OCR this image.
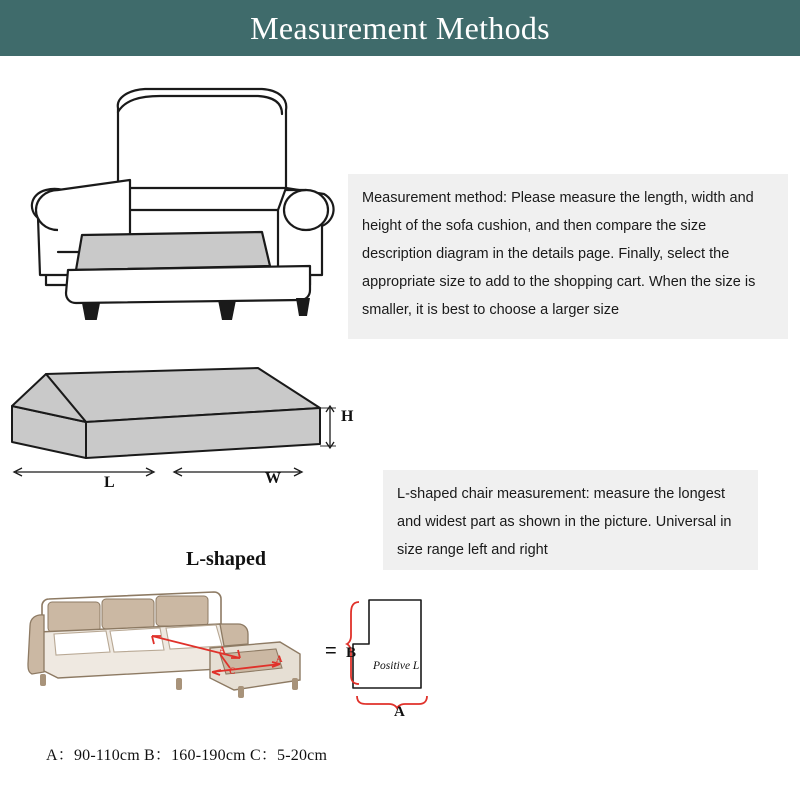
Measurement Methods
Measurement method: Please measure the length, width and height of the sofa cushion, and then compare the size description diagram in the details page. Finally, select the appropriate size to add to the shopping cart. When the size is smaller, it is best to choose a larger size
H
L	W
L-shaped chair measurement: measure the longest and widest part as shown in the picture. Universal in size range left and right
L-shaped
A
A
C
= B
A
Positive L
A：90-110cm B：160-190cm C：5-20cm
